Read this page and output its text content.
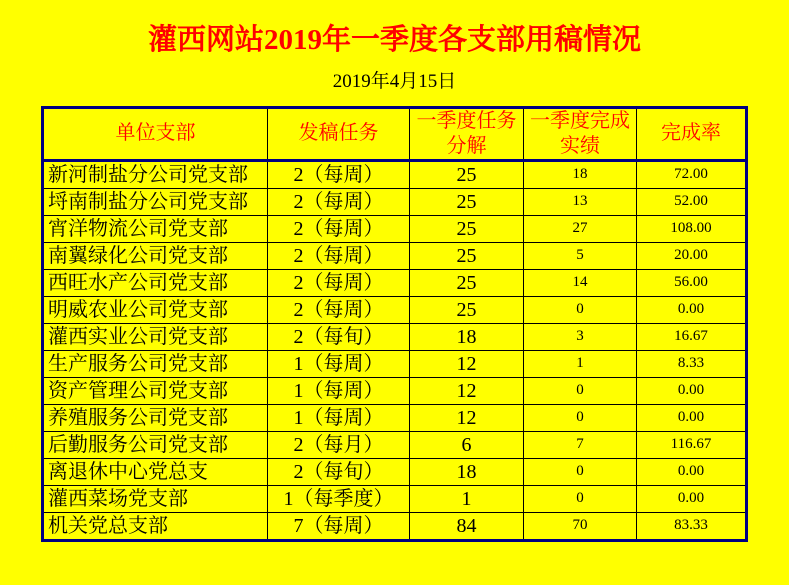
灌西网站2019年一季度各支部用稿情况
2019年4月15日
单位支部	发稿任务	一季度任务分解	一季度完成实绩	完成率
新河制盐分公司党支部	2（每周）	25	18	72.00
埒南制盐分公司党支部	2（每周）	25	13	52.00
宵洋物流公司党支部	2（每周）	25	27	108.00
南翼绿化公司党支部	2（每周）	25	5	20.00
西旺水产公司党支部	2（每周）	25	14	56.00
明威农业公司党支部	2（每周）	25	0	0.00
灌西实业公司党支部	2（每旬）	18	3	16.67
生产服务公司党支部	1（每周）	12	1	8.33
资产管理公司党支部	1（每周）	12	0	0.00
养殖服务公司党支部	1（每周）	12	0	0.00
后勤服务公司党支部	2（每月）	6	7	116.67
离退休中心党总支	2（每旬）	18	0	0.00
灌西菜场党支部	1（每季度）	1	0	0.00
机关党总支部	7（每周）	84	70	83.33
